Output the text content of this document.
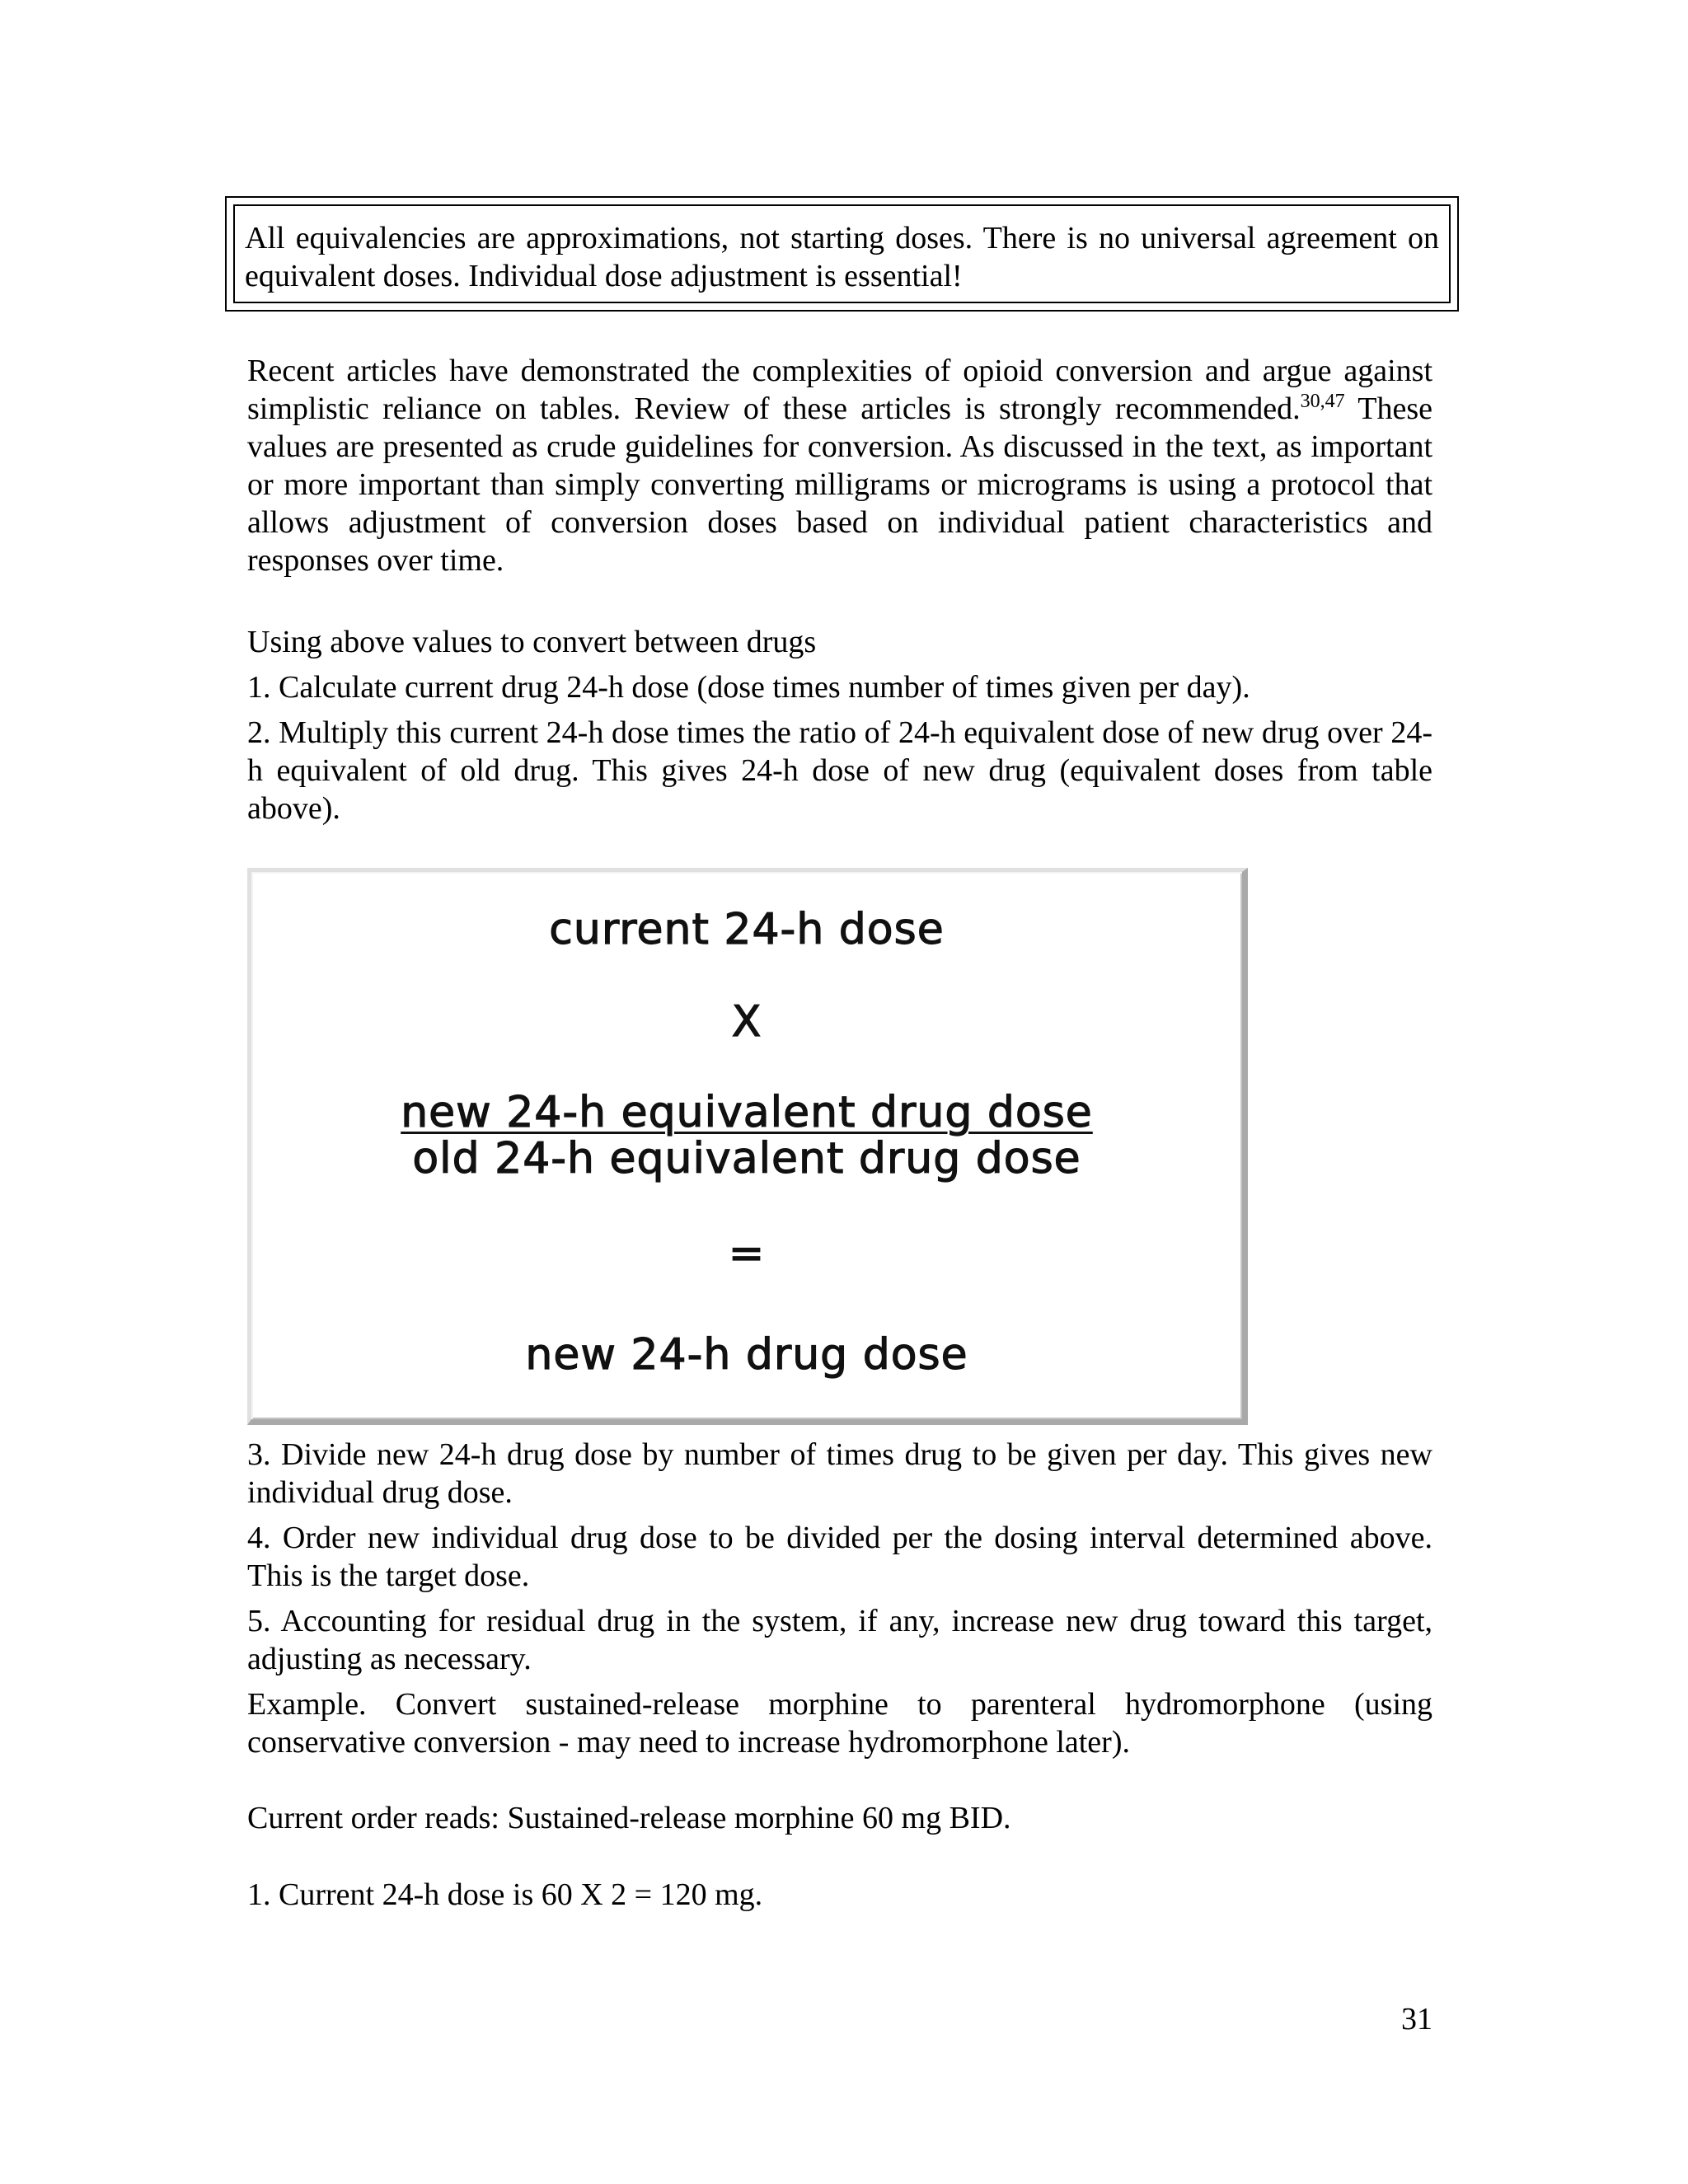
All equivalencies are approximations, not starting doses. There is no universal agreement on equivalent doses. Individual dose adjustment is essential!

Recent articles have demonstrated the complexities of opioid conversion and argue against simplistic reliance on tables. Review of these articles is strongly recommended.$^{30,47}$ These values are presented as crude guidelines for conversion. As discussed in the text, as important or more important than simply converting milligrams or micrograms is using a protocol that allows adjustment of conversion doses based on individual patient characteristics and responses over time.

Using above values to convert between drugs

1. Calculate current drug 24-h dose (dose times number of times given per day).

2. Multiply this current 24-h dose times the ratio of 24-h equivalent dose of new drug over 24-h equivalent of old drug. This gives 24-h dose of new drug (equivalent doses from table above).

current 24-h dose
X
new 24-h equivalent drug dose
old 24-h equivalent drug dose
=
new 24-h drug dose

3. Divide new 24-h drug dose by number of times drug to be given per day. This gives new individual drug dose.

4. Order new individual drug dose to be divided per the dosing interval determined above. This is the target dose.

5. Accounting for residual drug in the system, if any, increase new drug toward this target, adjusting as necessary.

Example. Convert sustained-release morphine to parenteral hydromorphone (using conservative conversion - may need to increase hydromorphone later).

Current order reads: Sustained-release morphine 60 mg BID.

1. Current 24-h dose is 60 X 2 = 120 mg.

31
